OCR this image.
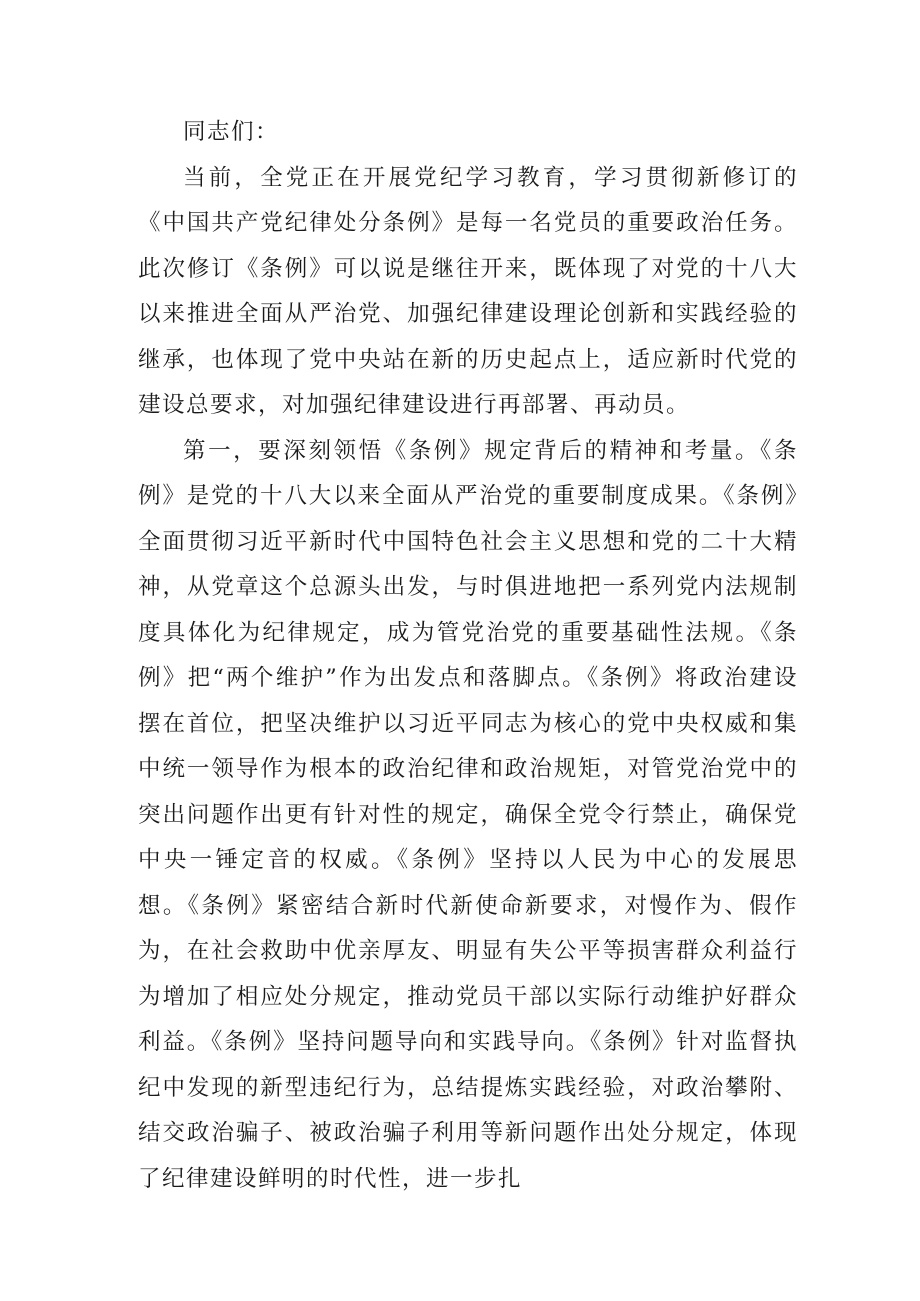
同志们：

当前，全党正在开展党纪学习教育，学习贯彻新修订的《中国共产党纪律处分条例》是每一名党员的重要政治任务。此次修订《条例》可以说是继往开来，既体现了对党的十八大以来推进全面从严治党、加强纪律建设理论创新和实践经验的继承，也体现了党中央站在新的历史起点上，适应新时代党的建设总要求，对加强纪律建设进行再部署、再动员。

第一，要深刻领悟《条例》规定背后的精神和考量。《条例》是党的十八大以来全面从严治党的重要制度成果。《条例》全面贯彻习近平新时代中国特色社会主义思想和党的二十大精神，从党章这个总源头出发，与时俱进地把一系列党内法规制度具体化为纪律规定，成为管党治党的重要基础性法规。《条例》把“两个维护”作为出发点和落脚点。《条例》将政治建设摆在首位，把坚决维护以习近平同志为核心的党中央权威和集中统一领导作为根本的政治纪律和政治规矩，对管党治党中的突出问题作出更有针对性的规定，确保全党令行禁止，确保党中央一锤定音的权威。《条例》坚持以人民为中心的发展思想。《条例》紧密结合新时代新使命新要求，对慢作为、假作为，在社会救助中优亲厚友、明显有失公平等损害群众利益行为增加了相应处分规定，推动党员干部以实际行动维护好群众利益。《条例》坚持问题导向和实践导向。《条例》针对监督执纪中发现的新型违纪行为，总结提炼实践经验，对政治攀附、结交政治骗子、被政治骗子利用等新问题作出处分规定，体现了纪律建设鲜明的时代性，进一步扎
